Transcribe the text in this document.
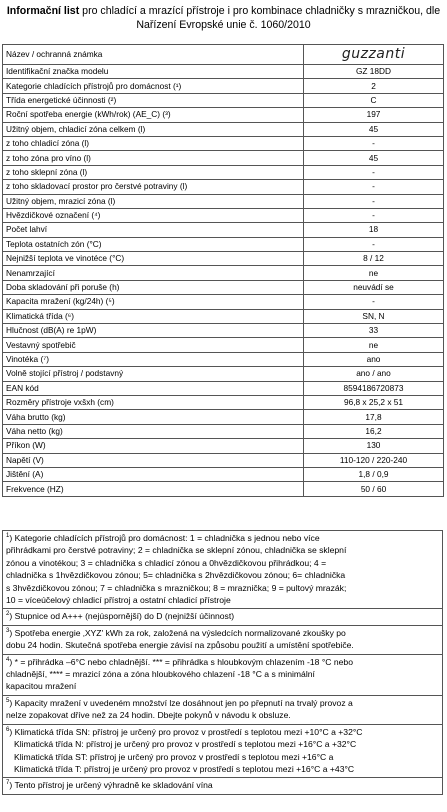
Informační list pro chladící a mrazící přístroje i pro kombinace chladničky s mrazničkou, dle Nařízení Evropské unie č. 1060/2010
Název / ochranná známka	guzzanti
Identifikační značka modelu	GZ 18DD
Kategorie chladících přístrojů pro domácnost (¹)	2
Třída energetické účinnosti (²)	C
Roční spotřeba energie (kWh/rok) (AE_C) (³)	197
Užitný objem, chladicí zóna celkem (l)	45
z toho chladicí zóna (l)	-
z toho zóna pro víno (l)	45
z toho sklepní zóna (l)	-
z toho skladovací prostor pro čerstvé potraviny (l)	-
Užitný objem, mrazicí zóna (l)	-
Hvězdičkové označení (⁴)	-
Počet lahví	18
Teplota ostatních zón (°C)	-
Nejnižší teplota ve vinotéce (°C)	8 / 12
Nenamrzající	ne
Doba skladování při poruše (h)	neuvádí se
Kapacita mražení (kg/24h) (⁵)	-
Klimatická třída (⁶)	SN, N
Hlučnost (dB(A) re 1pW)	33
Vestavný spotřebič	ne
Vinotéka (⁷)	ano
Volně stojící přístroj / podstavný	ano / ano
EAN kód	8594186720873
Rozměry přístroje vxšxh (cm)	96,8 x 25,2 x 51
Váha brutto (kg)	17,8
Váha netto (kg)	16,2
Příkon (W)	130
Napětí (V)	110-120 / 220-240
Jištění (A)	1,8 / 0,9
Frekvence (HZ)	50 / 60
$^1$) Kategorie chladících přístrojů pro domácnost: 1 = chladnička s jednou nebo více
přihrádkami pro čerstvé potraviny; 2 = chladnička se sklepní zónou, chladnička se sklepní
zónou a vinotékou; 3 = chladnička s chladicí zónou a 0hvězdičkovou přihrádkou; 4 =
chladnička s 1hvězdičkovou zónou; 5= chladnička s 2hvězdičkovou zónou; 6= chladnička
s 3hvězdičkovou zónou; 7 = chladnička s mrazničkou; 8 = mraznička; 9 = pultový mrazák;
10 = víceúčelový chladicí přístroj a ostatní chladicí přístroje
$^2$) Stupnice od A+++ (nejúspornější) do D (nejnižší účinnost)
$^3$) Spotřeba energie ‚XYZ' kWh za rok, založená na výsledcích normalizované zkoušky po
dobu 24 hodin. Skutečná spotřeba energie závisí na způsobu použití a umístění spotřebiče.
$^4$) * = přihrádka –6°C nebo chladnější. *** = přihrádka s hloubkovým chlazením -18 °C nebo
chladnější, **** = mrazicí zóna a zóna hloubkového chlazení -18 °C a s minimální
kapacitou mražení
$^5$) Kapacity mražení v uvedeném množství lze dosáhnout jen po přepnutí na trvalý provoz a
nelze zopakovat dříve než za 24 hodin. Dbejte pokynů v návodu k obsluze.
$^6$) Klimatická třída SN: přístroj je určený pro provoz v prostředí s teplotou mezi +10°C a +32°C
Klimatická třída N: přístroj je určený pro provoz v prostředí s teplotou mezi +16°C a +32°C
Klimatická třída ST: přístroj je určený pro provoz v prostředí s teplotou mezi +16°C a
Klimatická třída T: přístroj je určený pro provoz v prostředí s teplotou mezi +16°C a +43°C
$^7$) Tento přístroj je určený výhradně ke skladování vína
